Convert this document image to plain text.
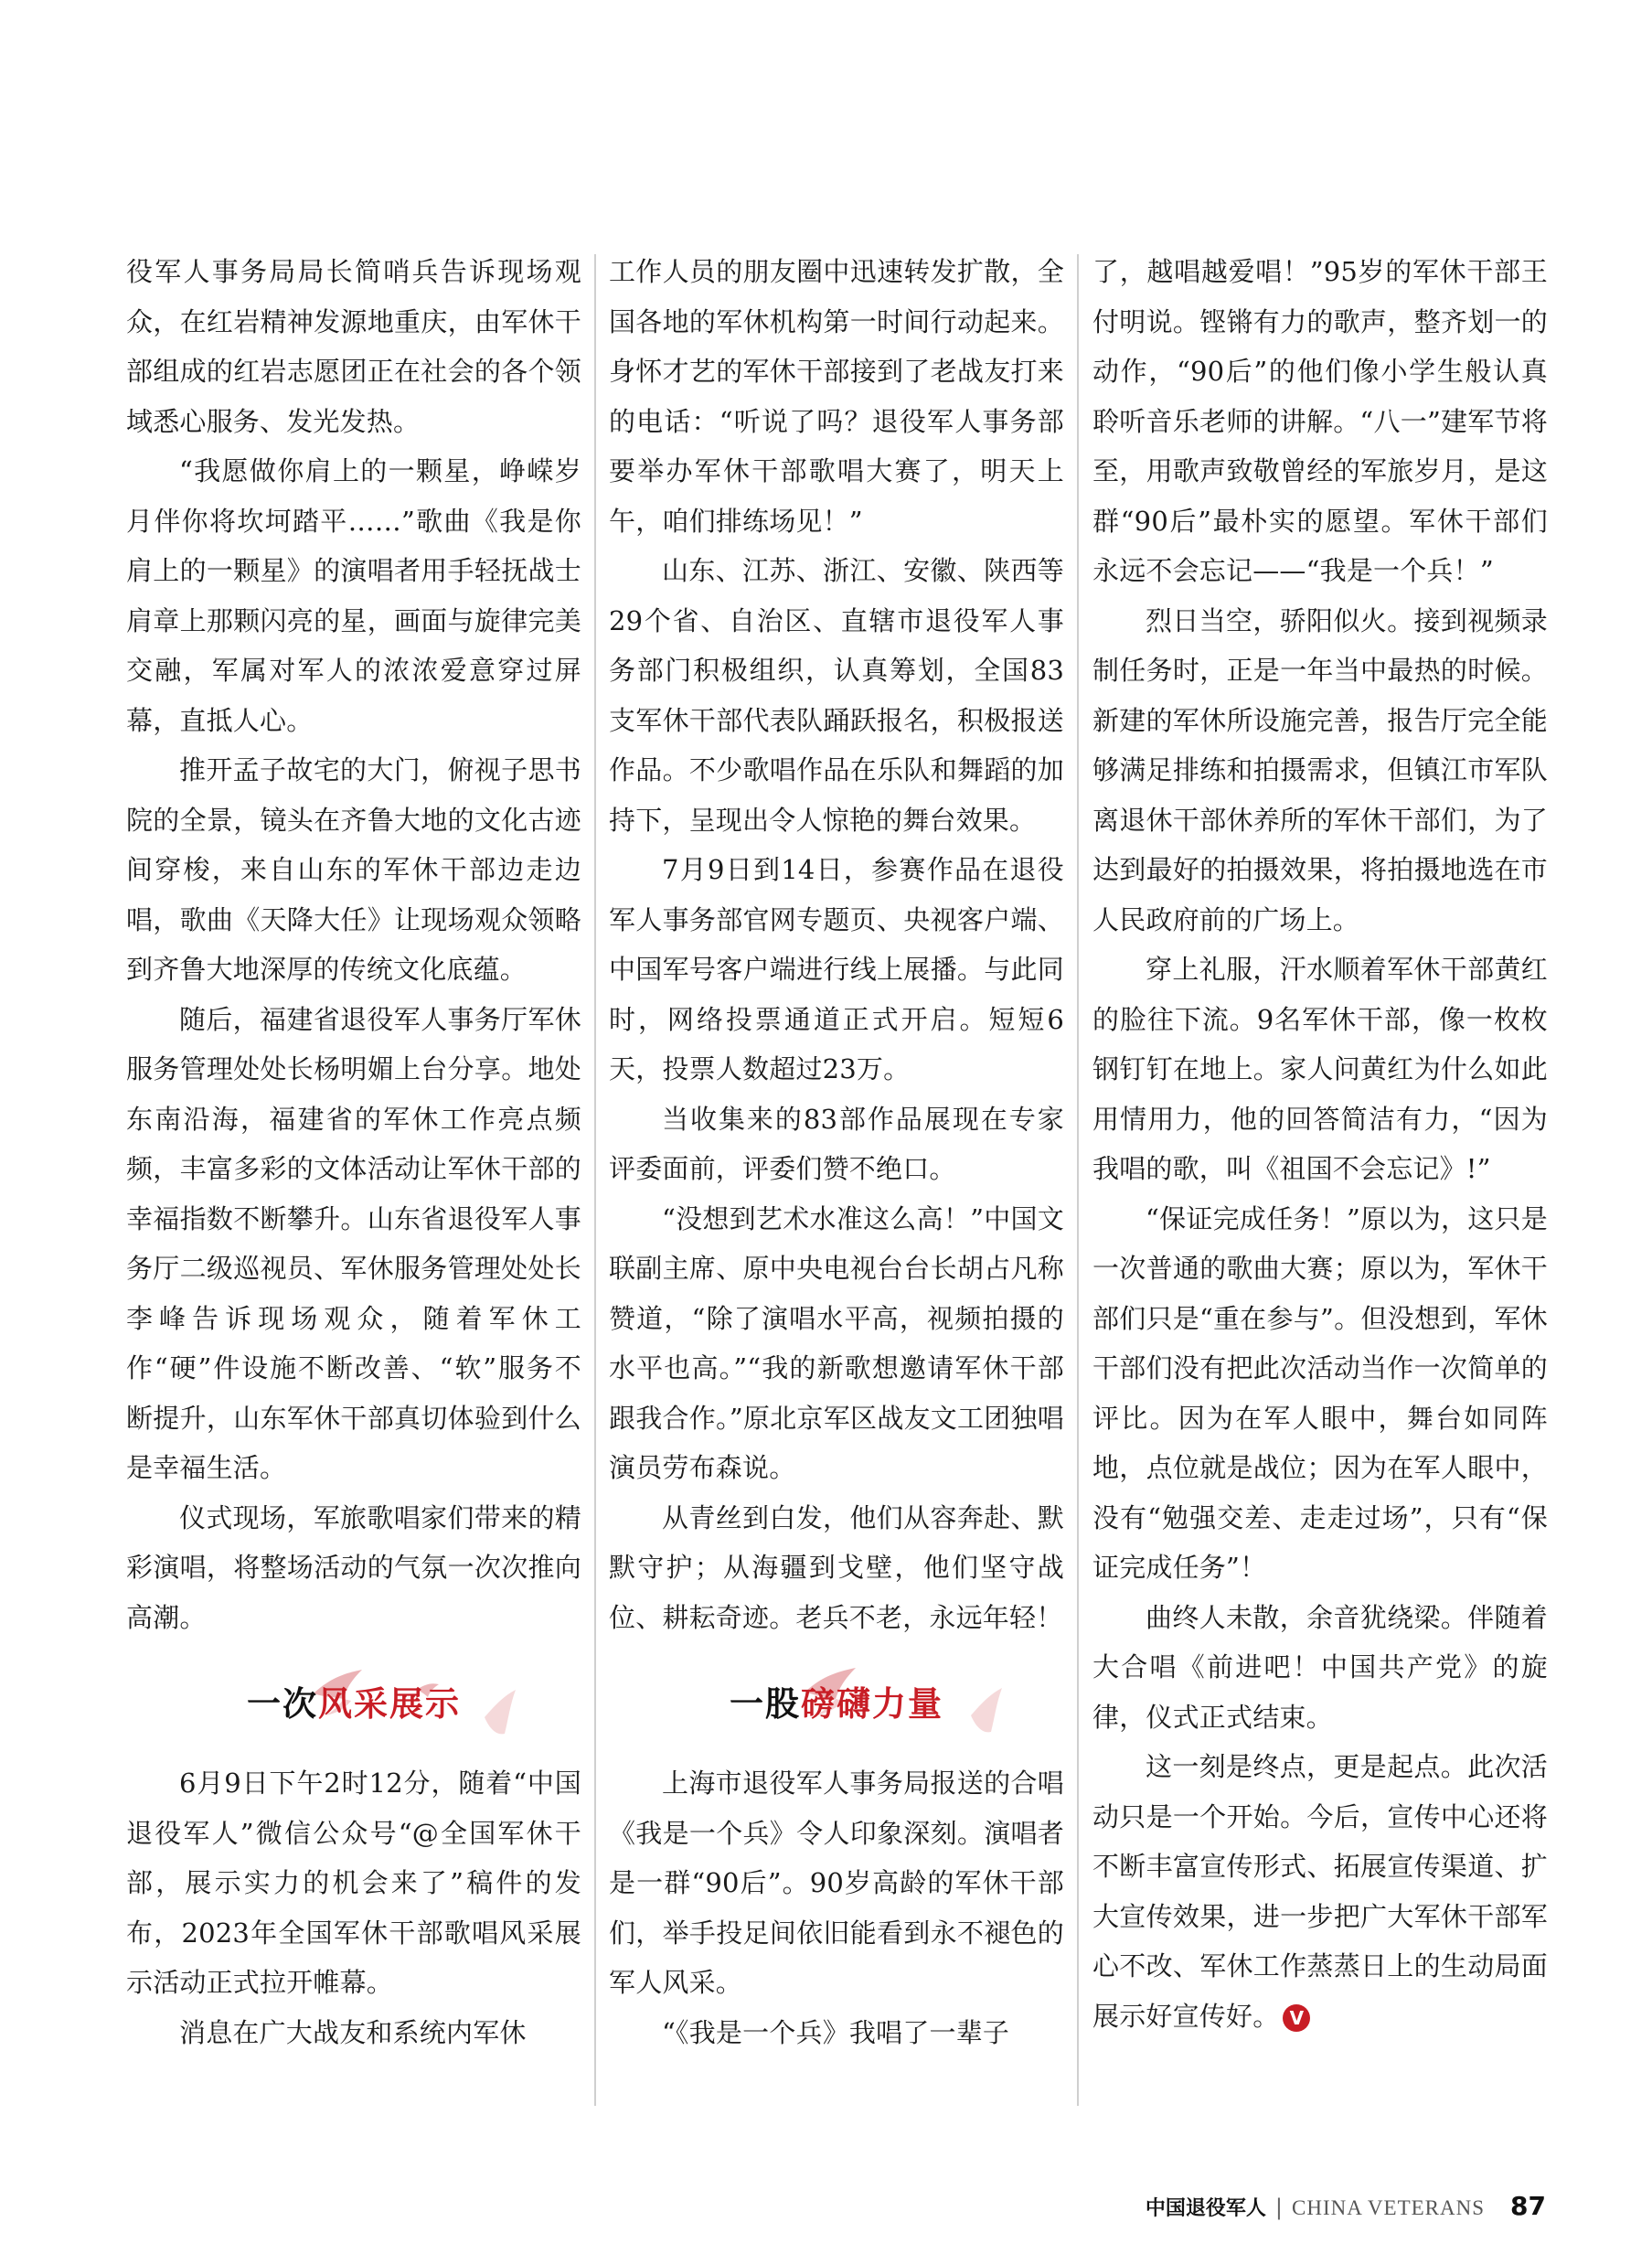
役军人事务局局长简哨兵告诉现场观众，在红岩精神发源地重庆，由军休干部组成的红岩志愿团正在社会的各个领域悉心服务、发光发热。

“我愿做你肩上的一颗星，峥嵘岁月伴你将坎坷踏平……”歌曲《我是你肩上的一颗星》的演唱者用手轻抚战士肩章上那颗闪亮的星，画面与旋律完美交融，军属对军人的浓浓爱意穿过屏幕，直抵人心。

推开孟子故宅的大门，俯视子思书院的全景，镜头在齐鲁大地的文化古迹间穿梭，来自山东的军休干部边走边唱，歌曲《天降大任》让现场观众领略到齐鲁大地深厚的传统文化底蕴。

随后，福建省退役军人事务厅军休服务管理处处长杨明媚上台分享。地处东南沿海，福建省的军休工作亮点频频，丰富多彩的文体活动让军休干部的幸福指数不断攀升。山东省退役军人事务厅二级巡视员、军休服务管理处处长李峰告诉现场观众，随着军休工作“硬”件设施不断改善、“软”服务不断提升，山东军休干部真切体验到什么是幸福生活。

仪式现场，军旅歌唱家们带来的精彩演唱，将整场活动的气氛一次次推向高潮。

一次风采展示

6月9日下午2时12分，随着“中国退役军人”微信公众号“@全国军休干部，展示实力的机会来了”稿件的发布，2023年全国军休干部歌唱风采展示活动正式拉开帷幕。

消息在广大战友和系统内军休

工作人员的朋友圈中迅速转发扩散，全国各地的军休机构第一时间行动起来。身怀才艺的军休干部接到了老战友打来的电话：“听说了吗？退役军人事务部要举办军休干部歌唱大赛了，明天上午，咱们排练场见！”

山东、江苏、浙江、安徽、陕西等29个省、自治区、直辖市退役军人事务部门积极组织，认真筹划，全国83支军休干部代表队踊跃报名，积极报送作品。不少歌唱作品在乐队和舞蹈的加持下，呈现出令人惊艳的舞台效果。

7月9日到14日，参赛作品在退役军人事务部官网专题页、央视客户端、中国军号客户端进行线上展播。与此同时，网络投票通道正式开启。短短6天，投票人数超过23万。

当收集来的83部作品展现在专家评委面前，评委们赞不绝口。

“没想到艺术水准这么高！”中国文联副主席、原中央电视台台长胡占凡称赞道，“除了演唱水平高，视频拍摄的水平也高。”“我的新歌想邀请军休干部跟我合作。”原北京军区战友文工团独唱演员劳布森说。

从青丝到白发，他们从容奔赴、默默守护；从海疆到戈壁，他们坚守战位、耕耘奇迹。老兵不老，永远年轻！

一股磅礴力量

上海市退役军人事务局报送的合唱《我是一个兵》令人印象深刻。演唱者是一群“90后”。90岁高龄的军休干部们，举手投足间依旧能看到永不褪色的军人风采。

“《我是一个兵》我唱了一辈子

了，越唱越爱唱！”95岁的军休干部王付明说。铿锵有力的歌声，整齐划一的动作，“90后”的他们像小学生般认真聆听音乐老师的讲解。“八一”建军节将至，用歌声致敬曾经的军旅岁月，是这群“90后”最朴实的愿望。军休干部们永远不会忘记——“我是一个兵！”

烈日当空，骄阳似火。接到视频录制任务时，正是一年当中最热的时候。新建的军休所设施完善，报告厅完全能够满足排练和拍摄需求，但镇江市军队离退休干部休养所的军休干部们，为了达到最好的拍摄效果，将拍摄地选在市人民政府前的广场上。

穿上礼服，汗水顺着军休干部黄红的脸往下流。9名军休干部，像一枚枚钢钉钉在地上。家人问黄红为什么如此用情用力，他的回答简洁有力，“因为我唱的歌，叫《祖国不会忘记》!”

“保证完成任务！”原以为，这只是一次普通的歌曲大赛；原以为，军休干部们只是“重在参与”。但没想到，军休干部们没有把此次活动当作一次简单的评比。因为在军人眼中，舞台如同阵地，点位就是战位；因为在军人眼中，没有“勉强交差、走走过场”，只有“保证完成任务”！

曲终人未散，余音犹绕梁。伴随着大合唱《前进吧！中国共产党》的旋律，仪式正式结束。

这一刻是终点，更是起点。此次活动只是一个开始。今后，宣传中心还将不断丰富宣传形式、拓展宣传渠道、扩大宣传效果，进一步把广大军休干部军心不改、军休工作蒸蒸日上的生动局面展示好宣传好。 V

中国退役军人 | CHINA VETERANS 87
